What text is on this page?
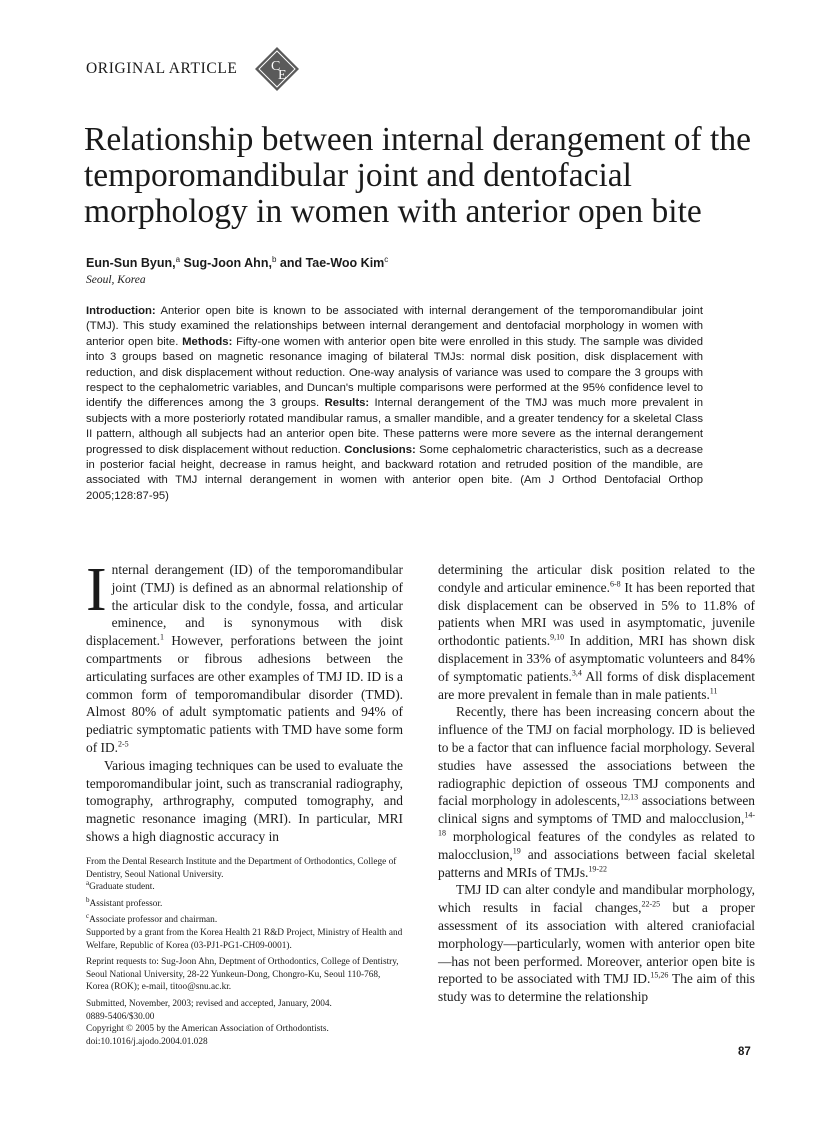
ORIGINAL ARTICLE C
E
Relationship between internal derangement of the temporomandibular joint and dentofacial morphology in women with anterior open bite
Eun-Sun Byun,$^a$ Sug-Joon Ahn,$^b$ and Tae-Woo Kim$^c$
Seoul, Korea
Introduction: Anterior open bite is known to be associated with internal derangement of the temporomandibular joint (TMJ). This study examined the relationships between internal derangement and dentofacial morphology in women with anterior open bite. Methods: Fifty-one women with anterior open bite were enrolled in this study. The sample was divided into 3 groups based on magnetic resonance imaging of bilateral TMJs: normal disk position, disk displacement with reduction, and disk displacement without reduction. One-way analysis of variance was used to compare the 3 groups with respect to the cephalometric variables, and Duncan's multiple comparisons were performed at the 95% confidence level to identify the differences among the 3 groups. Results: Internal derangement of the TMJ was much more prevalent in subjects with a more posteriorly rotated mandibular ramus, a smaller mandible, and a greater tendency for a skeletal Class II pattern, although all subjects had an anterior open bite. These patterns were more severe as the internal derangement progressed to disk displacement without reduction. Conclusions: Some cephalometric characteristics, such as a decrease in posterior facial height, decrease in ramus height, and backward rotation and retruded position of the mandible, are associated with TMJ internal derangement in women with anterior open bite. (Am J Orthod Dentofacial Orthop 2005;128:87-95)

Internal derangement (ID) of the temporomandibular joint (TMJ) is defined as an abnormal relationship of the articular disk to the condyle, fossa, and articular eminence, and is synonymous with disk displacement.$^1$ However, perforations between the joint compartments or fibrous adhesions between the articulating surfaces are other examples of TMJ ID. ID is a common form of temporomandibular disorder (TMD). Almost 80% of adult symptomatic patients and 94% of pediatric symptomatic patients with TMD have some form of ID.$^{2-5}$

Various imaging techniques can be used to evaluate the temporomandibular joint, such as transcranial radiography, tomography, arthrography, computed tomography, and magnetic resonance imaging (MRI). In particular, MRI shows a high diagnostic accuracy in

From the Dental Research Institute and the Department of Orthodontics, College of Dentistry, Seoul National University.
$^a$Graduate student.
$^b$Assistant professor.
$^c$Associate professor and chairman.
Supported by a grant from the Korea Health 21 R&D Project, Ministry of Health and Welfare, Republic of Korea (03-PJ1-PG1-CH09-0001).
Reprint requests to: Sug-Joon Ahn, Deptment of Orthodontics, College of Dentistry, Seoul National University, 28-22 Yunkeun-Dong, Chongro-Ku, Seoul 110-768, Korea (ROK); e-mail, titoo@snu.ac.kr.
Submitted, November, 2003; revised and accepted, January, 2004.
0889-5406/$30.00
Copyright © 2005 by the American Association of Orthodontists.
doi:10.1016/j.ajodo.2004.01.028

determining the articular disk position related to the condyle and articular eminence.$^{6-8}$ It has been reported that disk displacement can be observed in 5% to 11.8% of patients when MRI was used in asymptomatic, juvenile orthodontic patients.$^{9,10}$ In addition, MRI has shown disk displacement in 33% of asymptomatic volunteers and 84% of symptomatic patients.$^{3,4}$ All forms of disk displacement are more prevalent in female than in male patients.$^{11}$

Recently, there has been increasing concern about the influence of the TMJ on facial morphology. ID is believed to be a factor that can influence facial morphology. Several studies have assessed the associations between the radiographic depiction of osseous TMJ components and facial morphology in adolescents,$^{12,13}$ associations between clinical signs and symptoms of TMD and malocclusion,$^{14-18}$ morphological features of the condyles as related to malocclusion,$^{19}$ and associations between facial skeletal patterns and MRIs of TMJs.$^{19-22}$

TMJ ID can alter condyle and mandibular morphology, which results in facial changes,$^{22-25}$ but a proper assessment of its association with altered craniofacial morphology—particularly, women with anterior open bite—has not been performed. Moreover, anterior open bite is reported to be associated with TMJ ID.$^{15,26}$ The aim of this study was to determine the relationship

87
